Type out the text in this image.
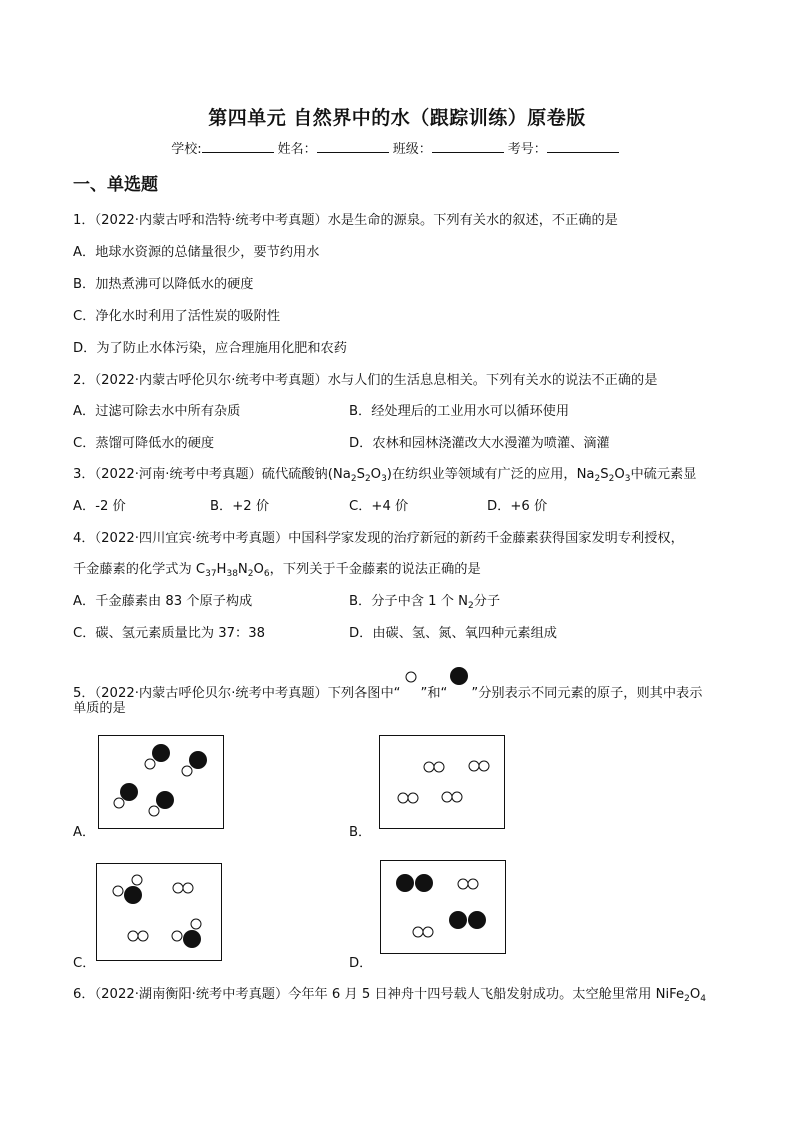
第四单元 自然界中的水（跟踪训练）原卷版
学校:	姓名：	班级：	考号：
一、单选题
1．（2022·内蒙古呼和浩特·统考中考真题）水是生命的源泉。下列有关水的叙述，不正确的是
A．地球水资源的总储量很少，要节约用水
B．加热煮沸可以降低水的硬度
C．净化水时利用了活性炭的吸附性
D．为了防止水体污染，应合理施用化肥和农药
2．（2022·内蒙古呼伦贝尔·统考中考真题）水与人们的生活息息相关。下列有关水的说法不正确的是
A．过滤可除去水中所有杂质	B．经处理后的工业用水可以循环使用
C．蒸馏可降低水的硬度	D．农林和园林浇灌改大水漫灌为喷灌、滴灌
3．（2022·河南·统考中考真题）硫代硫酸钠$(Na_2S_2O_3)$在纺织业等领域有广泛的应用，$Na_2S_2O_3$中硫元素显
A．-2 价	B．+2 价	C．+4 价	D．+6 价
4．（2022·四川宜宾·统考中考真题）中国科学家发现的治疗新冠的新药千金藤素获得国家发明专利授权，
千金藤素的化学式为 $C_{37}H_{38}N_2O_6$，下列关于千金藤素的说法正确的是
A．千金藤素由 83 个原子构成	B．分子中含 1 个 $N_2$分子
C．碳、氢元素质量比为 37：38	D．由碳、氢、氮、氧四种元素组成
5．（2022·内蒙古呼伦贝尔·统考中考真题）下列各图中“ ”和“ ”分别表示不同元素的原子，则其中表示
单质的是
A．	B．
C．	D．
6．（2022·湖南衡阳·统考中考真题）今年年 6 月 5 日神舟十四号载人飞船发射成功。太空舱里常用 $NiFe_2O_4$
